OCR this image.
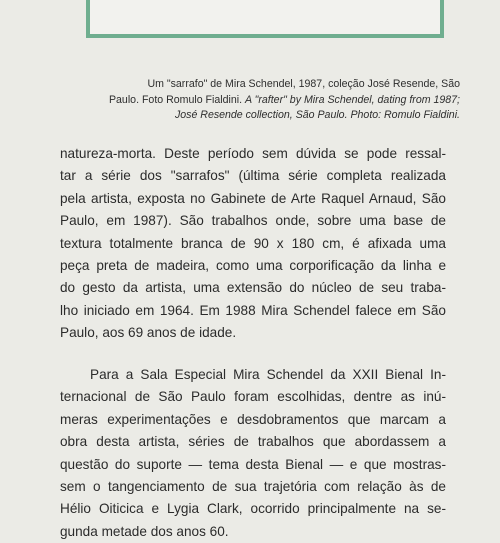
Um "sarrafo" de Mira Schendel, 1987, coleção José Resende, São
Paulo. Foto Romulo Fialdini. A "rafter" by Mira Schendel, dating from 1987;
José Resende collection, São Paulo. Photo: Romulo Fialdini.

natureza-morta. Deste período sem dúvida se pode ressal-
tar a série dos "sarrafos" (última série completa realizada
pela artista, exposta no Gabinete de Arte Raquel Arnaud, São
Paulo, em 1987). São trabalhos onde, sobre uma base de
textura totalmente branca de 90 x 180 cm, é afixada uma
peça preta de madeira, como uma corporificação da linha e
do gesto da artista, uma extensão do núcleo de seu traba-
lho iniciado em 1964. Em 1988 Mira Schendel falece em São
Paulo, aos 69 anos de idade.

Para a Sala Especial Mira Schendel da XXII Bienal In-
ternacional de São Paulo foram escolhidas, dentre as inú-
meras experimentações e desdobramentos que marcam a
obra desta artista, séries de trabalhos que abordassem a
questão do suporte — tema desta Bienal — e que mostras-
sem o tangenciamento de sua trajetória com relação às de
Hélio Oiticica e Lygia Clark, ocorrido principalmente na se-
gunda metade dos anos 60.
